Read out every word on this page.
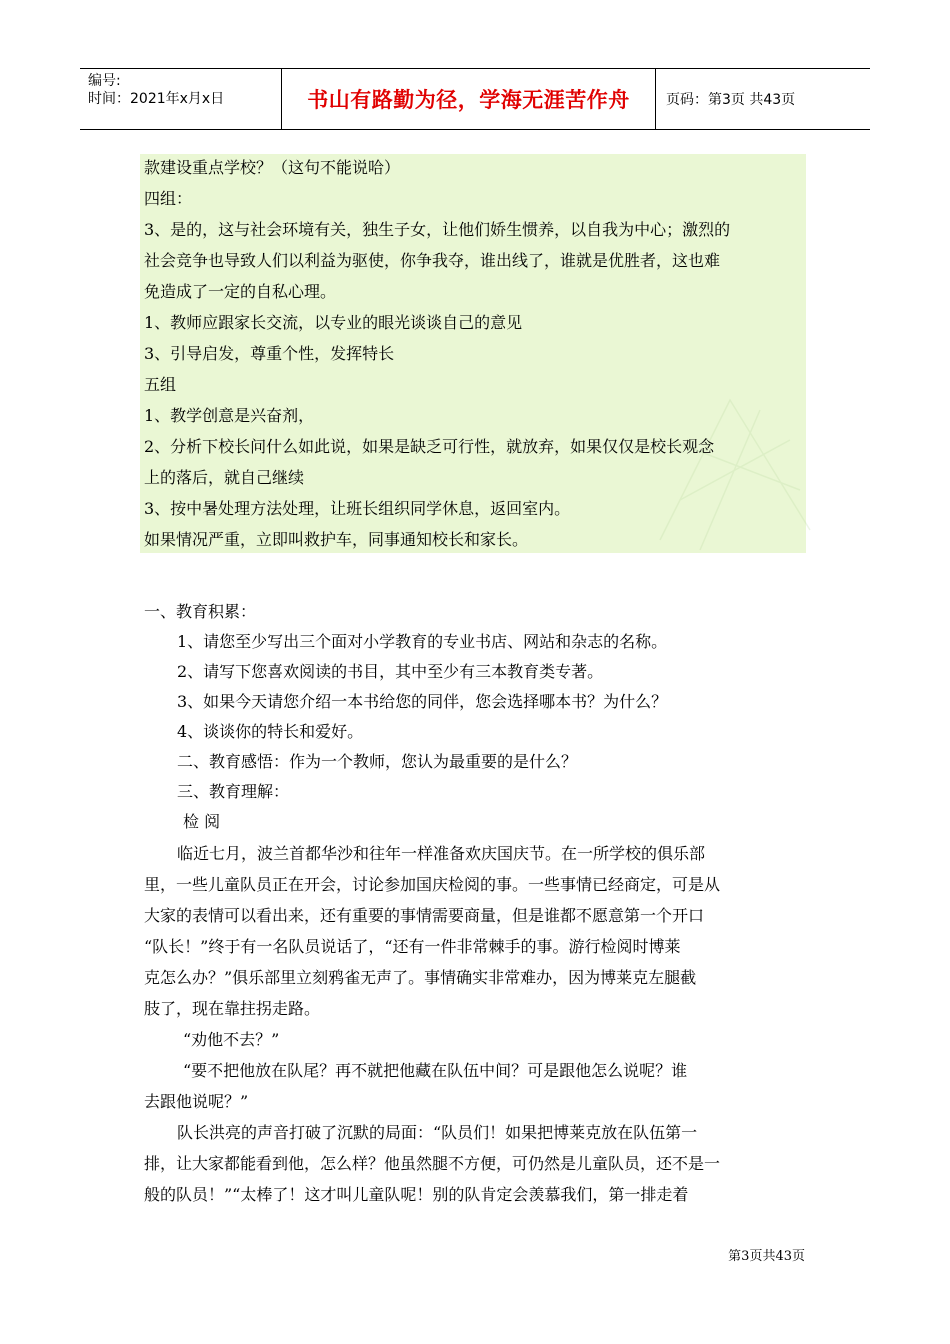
编号:
时间：2021年x月x日	书山有路勤为径，学海无涯苦作舟	页码：第3页 共43页
款建设重点学校？（这句不能说哈）
四组：
3、是的，这与社会环境有关，独生子女，让他们娇生惯养，以自我为中心；激烈的
社会竞争也导致人们以利益为驱使，你争我夺，谁出线了，谁就是优胜者，这也难
免造成了一定的自私心理。
1、教师应跟家长交流，以专业的眼光谈谈自己的意见
3、引导启发，尊重个性，发挥特长
五组
1、教学创意是兴奋剂，
2、分析下校长问什么如此说，如果是缺乏可行性，就放弃，如果仅仅是校长观念
上的落后，就自己继续
3、按中暑处理方法处理，让班长组织同学休息，返回室内。
如果情况严重，立即叫救护车，同事通知校长和家长。
一、教育积累：
1、请您至少写出三个面对小学教育的专业书店、网站和杂志的名称。
2、请写下您喜欢阅读的书目，其中至少有三本教育类专著。
3、如果今天请您介绍一本书给您的同伴，您会选择哪本书？为什么？
4、谈谈你的特长和爱好。
二、教育感悟：作为一个教师，您认为最重要的是什么？
三、教育理解：
检 阅
临近七月，波兰首都华沙和往年一样准备欢庆国庆节。在一所学校的俱乐部
里，一些儿童队员正在开会，讨论参加国庆检阅的事。一些事情已经商定，可是从
大家的表情可以看出来，还有重要的事情需要商量，但是谁都不愿意第一个开口
“队长！”终于有一名队员说话了，“还有一件非常棘手的事。游行检阅时博莱
克怎么办？”俱乐部里立刻鸦雀无声了。事情确实非常难办，因为博莱克左腿截
肢了，现在靠拄拐走路。
“劝他不去？”
“要不把他放在队尾？再不就把他藏在队伍中间？可是跟他怎么说呢？谁
去跟他说呢？”
队长洪亮的声音打破了沉默的局面：“队员们！如果把博莱克放在队伍第一
排，让大家都能看到他，怎么样？他虽然腿不方便，可仍然是儿童队员，还不是一
般的队员！”“太棒了！这才叫儿童队呢！别的队肯定会羡慕我们，第一排走着
第3页共43页
